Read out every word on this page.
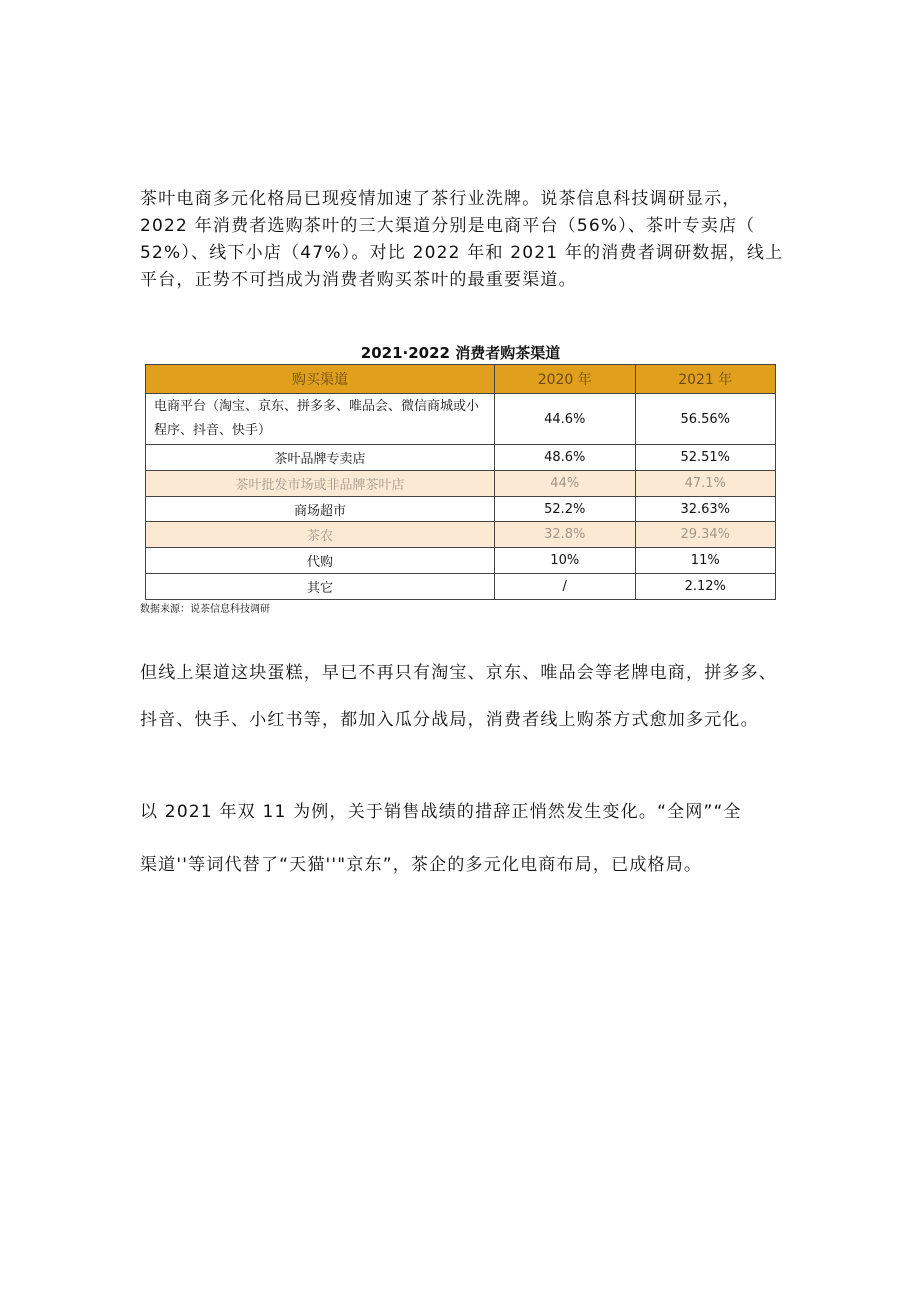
茶叶电商多元化格局已现疫情加速了茶行业洗牌。说茶信息科技调研显示，
2022 年消费者选购茶叶的三大渠道分别是电商平台（56%）、茶叶专卖店（
52%）、线下小店（47%）。对比 2022 年和 2021 年的消费者调研数据，线上
平台，正势不可挡成为消费者购买茶叶的最重要渠道。
2021·2022 消费者购茶渠道
购买渠道	2020 年	2021 年
电商平台（淘宝、京东、拼多多、唯品会、微信商城或小程序、抖音、快手）	44.6%	56.56%
茶叶品牌专卖店	48.6%	52.51%
茶叶批发市场或非品牌茶叶店	44%	47.1%
商场超市	52.2%	32.63%
茶农	32.8%	29.34%
代购	10%	11%
其它	/	2.12%
数据来源：说茶信息科技调研
但线上渠道这块蛋糕，早已不再只有淘宝、京东、唯品会等老牌电商，拼多多、
抖音、快手、小红书等，都加入瓜分战局，消费者线上购茶方式愈加多元化。
以 2021 年双 11 为例，关于销售战绩的措辞正悄然发生变化。“全网”“全
渠道''等词代替了“天猫''"京东”，茶企的多元化电商布局，已成格局。
